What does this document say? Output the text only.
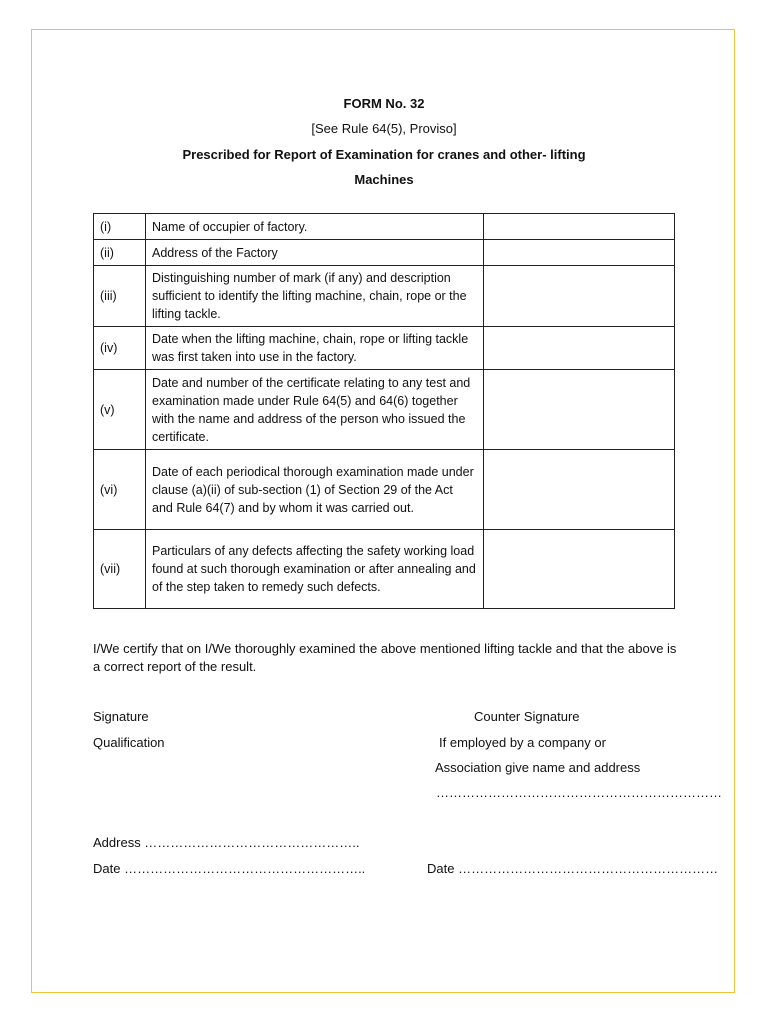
FORM No. 32
[See Rule 64(5), Proviso]
Prescribed for Report of Examination for cranes and other- lifting
Machines
(i)	Name of occupier of factory.	
(ii)	Address of the Factory	
(iii)	Distinguishing number of mark (if any) and description sufficient to identify the lifting machine, chain, rope or the lifting tackle.	
(iv)	Date when the lifting machine, chain, rope or lifting tackle was first taken into use in the factory.	
(v)	Date and number of the certificate relating to any test and examination made under Rule 64(5) and 64(6) together with the name and address of the person who issued the certificate.	
(vi)	Date of each periodical thorough examination made under clause (a)(ii) of sub-section (1) of Section 29 of the Act and Rule 64(7) and by whom it was carried out.	
(vii)	Particulars of any defects affecting the safety working load found at such thorough examination or after annealing and of the step taken to remedy such defects.	
I/We certify that on I/We thoroughly examined the above mentioned lifting tackle and that the above is a correct report of the result.
Signature	Counter Signature
Qualification	If employed by a company or
Association give name and address
…………………………………………………………
Address …………………………………………..
Date ………………………………………………..	Date ……………………………………………………
